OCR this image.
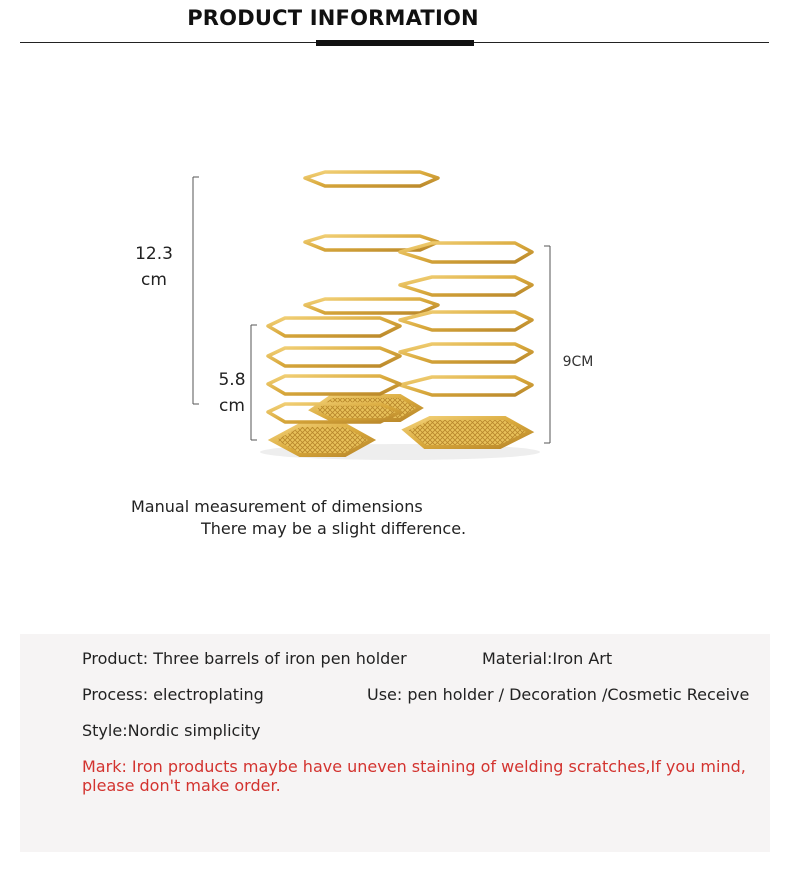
PRODUCT INFORMATION
12.3
cm
5.8
cm
9CM
Manual measurement of dimensions
There may be a slight difference.
Product: Three barrels of iron pen holder	Material:Iron Art
Process: electroplating	Use: pen holder / Decoration /Cosmetic Receive
Style:Nordic simplicity
Mark: Iron products maybe have uneven staining of welding scratches,If you mind, please don't make order.
